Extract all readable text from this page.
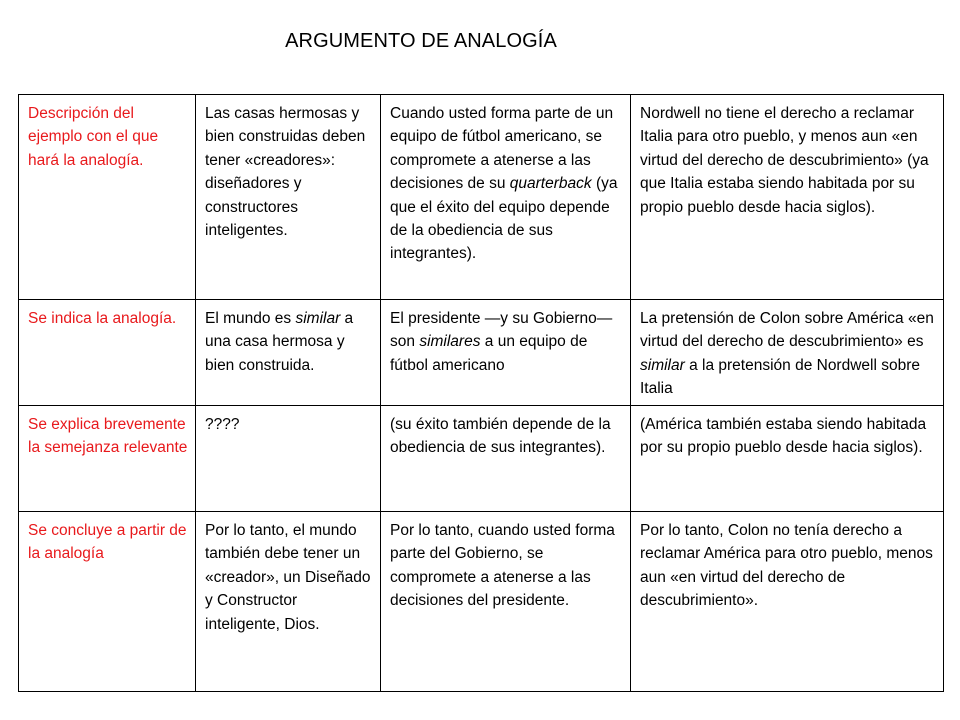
ARGUMENTO DE ANALOGÍA
Descripción del ejemplo con el que hará la analogía.	Las casas hermosas y bien construidas deben tener «creadores»: diseñadores y constructores inteligentes.	Cuando usted forma parte de un equipo de fútbol americano, se compromete a atenerse a las decisiones de su quarterback (ya que el éxito del equipo depende de la obediencia de sus integrantes).	Nordwell no tiene el derecho a reclamar Italia para otro pueblo, y menos aun «en virtud del derecho de descubrimiento» (ya que Italia estaba siendo habitada por su propio pueblo desde hacia siglos).
Se indica la analogía.	El mundo es similar a una casa hermosa y bien construida.	El presidente —y su Gobierno— son similares a un equipo de fútbol americano	La pretensión de Colon sobre América «en virtud del derecho de descubrimiento» es similar a la pretensión de Nordwell sobre Italia
Se explica brevemente la semejanza relevante	????	(su éxito también depende de la obediencia de sus integrantes).	(América también estaba siendo habitada por su propio pueblo desde hacia siglos).
Se concluye a partir de la analogía	Por lo tanto, el mundo también debe tener un «creador», un Diseñado y Constructor inteligente, Dios.	Por lo tanto, cuando usted forma parte del Gobierno, se compromete a atenerse a las decisiones del presidente.	Por lo tanto, Colon no tenía derecho a reclamar América para otro pueblo, menos aun «en virtud del derecho de descubrimiento».
